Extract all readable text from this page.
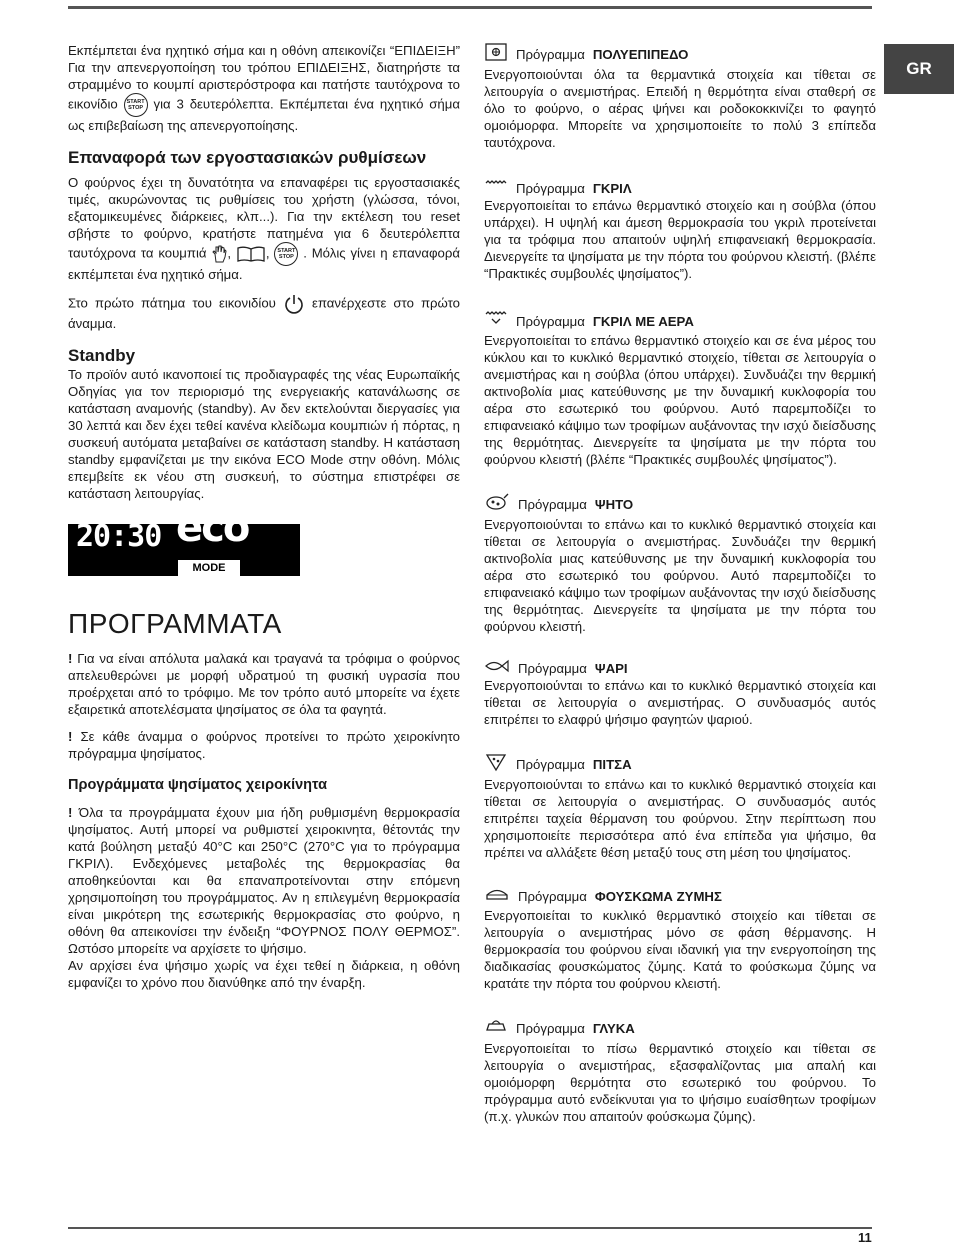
GR

Εκπέμπεται ένα ηχητικό σήμα και η οθόνη απεικονίζει “ΕΠΙΔΕΙΞΗ” Για την απενεργοποίηση του τρόπου ΕΠΙΔΕΙΞΗΣ, διατηρήστε τα στραμμένο το κουμπί αριστερόστροφα και πατήστε ταυτόχρονα το εικονίδιο START
STOP για 3 δευτερόλεπτα. Εκπέμπεται ένα ηχητικό σήμα ως επιβεβαίωση της απενεργοποίησης.

Επαναφορά των εργοστασιακών ρυθμίσεων

Ο φούρνος έχει τη δυνατότητα να επαναφέρει τις εργοστασιακές τιμές, ακυρώνοντας τις ρυθμίσεις του χρήστη (γλώσσα, τόνοι, εξατομικευμένες διάρκειες, κλπ...). Για την εκτέλεση του reset σβήστε το φούρνο, κρατήστε πατημένα για 6 δευτερόλεπτα ταυτόχρονα τα κουμπιά , , START
STOP . Μόλις γίνει η επαναφορά εκπέμπεται ένα ηχητικό σήμα.

Στο πρώτο πάτημα του εικονιδίου	επανέρχεστε στο πρώτο άναμμα.

Standby

Το προϊόν αυτό ικανοποιεί τις προδιαγραφές της νέας Ευρωπαϊκής Οδηγίας για τον περιορισμό της ενεργειακής κατανάλωσης σε κατάσταση αναμονής (standby). Αν δεν εκτελούνται διεργασίες για 30 λεπτά και δεν έχει τεθεί κανένα κλείδωμα κουμπιών ή πόρτας, η συσκευή αυτόματα μεταβαίνει σε κατάσταση standby. Η κατάσταση standby εμφανίζεται με την εικόνα ECO Mode στην οθόνη. Μόλις επεμβείτε εκ νέου στη συσκευή, το σύστημα επιστρέφει σε κατάσταση λειτουργίας.

20:30 eco
MODE
ΠΡΟΓΡΑΜΜΑΤΑ

! Για να είναι απόλυτα μαλακά και τραγανά τα τρόφιμα ο φούρνος απελευθερώνει με μορφή υδρατμού τη φυσική υγρασία που προέρχεται από το τρόφιμο. Με τον τρόπο αυτό μπορείτε να έχετε εξαιρετικά αποτελέσματα ψησίματος σε όλα τα φαγητά.

! Σε κάθε άναμμα ο φούρνος προτείνει το πρώτο χειροκίνητο πρόγραμμα ψησίματος.

Προγράμματα ψησίματος χειροκίνητα

! Όλα τα προγράμματα έχουν μια ήδη ρυθμισμένη θερμοκρασία ψησίματος. Αυτή μπορεί να ρυθμιστεί χειροκινητα, θέτοντάς την κατά βούληση μεταξύ 40°C και 250°C (270°C για το πρόγραμμα ΓΚΡΙΛ). Ενδεχόμενες μεταβολές της θερμοκρασίας θα αποθηκεύονται και θα επαναπροτείνονται στην επόμενη χρησιμοποίηση του προγράμματος. Αν η επιλεγμένη θερμοκρασία είναι μικρότερη της εσωτερικής θερμοκρασίας στο φούρνο, η οθόνη θα απεικονίσει την ένδειξη “ΦΟΥΡΝΟΣ ΠΟΛΥ ΘΕΡΜΟΣ”. Ωστόσο μπορείτε να αρχίσετε το ψήσιμο.

Αν αρχίσει ένα ψήσιμο χωρίς να έχει τεθεί η διάρκεια, η οθόνη εμφανίζει το χρόνο που διανύθηκε από την έναρξη.

Πρόγραμμα ΠΟΛΥΕΠΙΠΕΔΟ

Ενεργοποιούνται όλα τα θερμαντικά στοιχεία και τίθεται σε λειτουργία ο ανεμιστήρας. Επειδή η θερμότητα είναι σταθερή σε όλο το φούρνο, ο αέρας ψήνει και ροδοκοκκινίζει το φαγητό ομοιόμορφα. Μπορείτε να χρησιμοποιείτε το πολύ 3 επίπεδα ταυτόχρονα.

Πρόγραμμα ΓΚΡΙΛ

Ενεργοποιείται το επάνω θερμαντικό στοιχείο και η σούβλα (όπου υπάρχει). Η υψηλή και άμεση θερμοκρασία του γκριλ προτείνεται για τα τρόφιμα που απαιτούν υψηλή επιφανειακή θερμοκρασία. Διενεργείτε τα ψησίματα με την πόρτα του φούρνου κλειστή. (βλέπε “Πρακτικές συμβουλές ψησίματος”).

Πρόγραμμα ΓΚΡΙΛ ΜΕ ΑΕΡΑ

Ενεργοποιείται το επάνω θερμαντικό στοιχείο και σε ένα μέρος του κύκλου και το κυκλικό θερμαντικό στοιχείο, τίθεται σε λειτουργία ο ανεμιστήρας και η σούβλα (όπου υπάρχει). Συνδυάζει την θερμική ακτινοβολία μιας κατεύθυνσης με την δυναμική κυκλοφορία του αέρα στο εσωτερικό του φούρνου. Αυτό παρεμποδίζει το επιφανειακό κάψιμο των τροφίμων αυξάνοντας την ισχύ διείσδυσης της θερμότητας. Διενεργείτε τα ψησίματα με την πόρτα του φούρνου κλειστή (βλέπε “Πρακτικές συμβουλές ψησίματος”).

Πρόγραμμα ΨΗΤΟ

Ενεργοποιούνται το επάνω και το κυκλικό θερμαντικό στοιχεία και τίθεται σε λειτουργία ο ανεμιστήρας. Συνδυάζει την θερμική ακτινοβολία μιας κατεύθυνσης με την δυναμική κυκλοφορία του αέρα στο εσωτερικό του φούρνου. Αυτό παρεμποδίζει το επιφανειακό κάψιμο των τροφίμων αυξάνοντας την ισχύ διείσδυσης της θερμότητας. Διενεργείτε τα ψησίματα με την πόρτα του φούρνου κλειστή.

Πρόγραμμα ΨΑΡΙ

Ενεργοποιούνται το επάνω και το κυκλικό θερμαντικό στοιχεία και τίθεται σε λειτουργία ο ανεμιστήρας. Ο συνδυασμός αυτός επιτρέπει το ελαφρύ ψήσιμο φαγητών ψαριού.

Πρόγραμμα ΠΙΤΣΑ

Ενεργοποιούνται το επάνω και το κυκλικό θερμαντικό στοιχεία και τίθεται σε λειτουργία ο ανεμιστήρας. Ο συνδυασμός αυτός επιτρέπει ταχεία θέρμανση του φούρνου. Στην περίπτωση που χρησιμοποιείτε περισσότερα από ένα επίπεδα για ψήσιμο, θα πρέπει να αλλάξετε θέση μεταξύ τους στη μέση του ψησίματος.

Πρόγραμμα ΦΟΥΣΚΩΜΑ ΖΥΜΗΣ

Ενεργοποιείται το κυκλικό θερμαντικό στοιχείο και τίθεται σε λειτουργία ο ανεμιστήρας μόνο σε φάση θέρμανσης. Η θερμοκρασία του φούρνου είναι ιδανική για την ενεργοποίηση της διαδικασίας φουσκώματος ζύμης. Κατά το φούσκωμα ζύμης να κρατάτε την πόρτα του φούρνου κλειστή.

Πρόγραμμα ΓΛΥΚΑ

Ενεργοποιείται το πίσω θερμαντικό στοιχείο και τίθεται σε λειτουργία ο ανεμιστήρας, εξασφαλίζοντας μια απαλή και ομοιόμορφη θερμότητα στο εσωτερικό του φούρνου. Το πρόγραμμα αυτό ενδείκνυται για το ψήσιμο ευαίσθητων τροφίμων (π.χ. γλυκών που απαιτούν φούσκωμα ζύμης).

11
